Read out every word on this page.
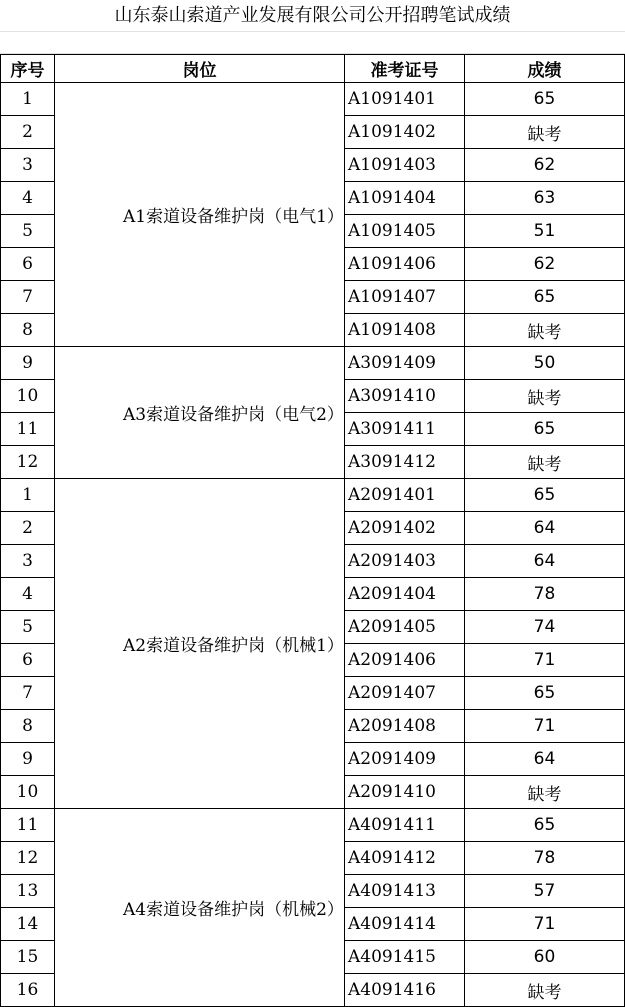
山东泰山索道产业发展有限公司公开招聘笔试成绩
序号	岗位	准考证号	成绩
1	A1索道设备维护岗（电气1）	A1091401	65
2		A1091402	缺考
3		A1091403	62
4		A1091404	63
5		A1091405	51
6		A1091406	62
7		A1091407	65
8		A1091408	缺考
9	A3索道设备维护岗（电气2）	A3091409	50
10		A3091410	缺考
11		A3091411	65
12		A3091412	缺考
1	A2索道设备维护岗（机械1）	A2091401	65
2		A2091402	64
3		A2091403	64
4		A2091404	78
5		A2091405	74
6		A2091406	71
7		A2091407	65
8		A2091408	71
9		A2091409	64
10		A2091410	缺考
11	A4索道设备维护岗（机械2）	A4091411	65
12		A4091412	78
13		A4091413	57
14		A4091414	71
15		A4091415	60
16		A4091416	缺考
